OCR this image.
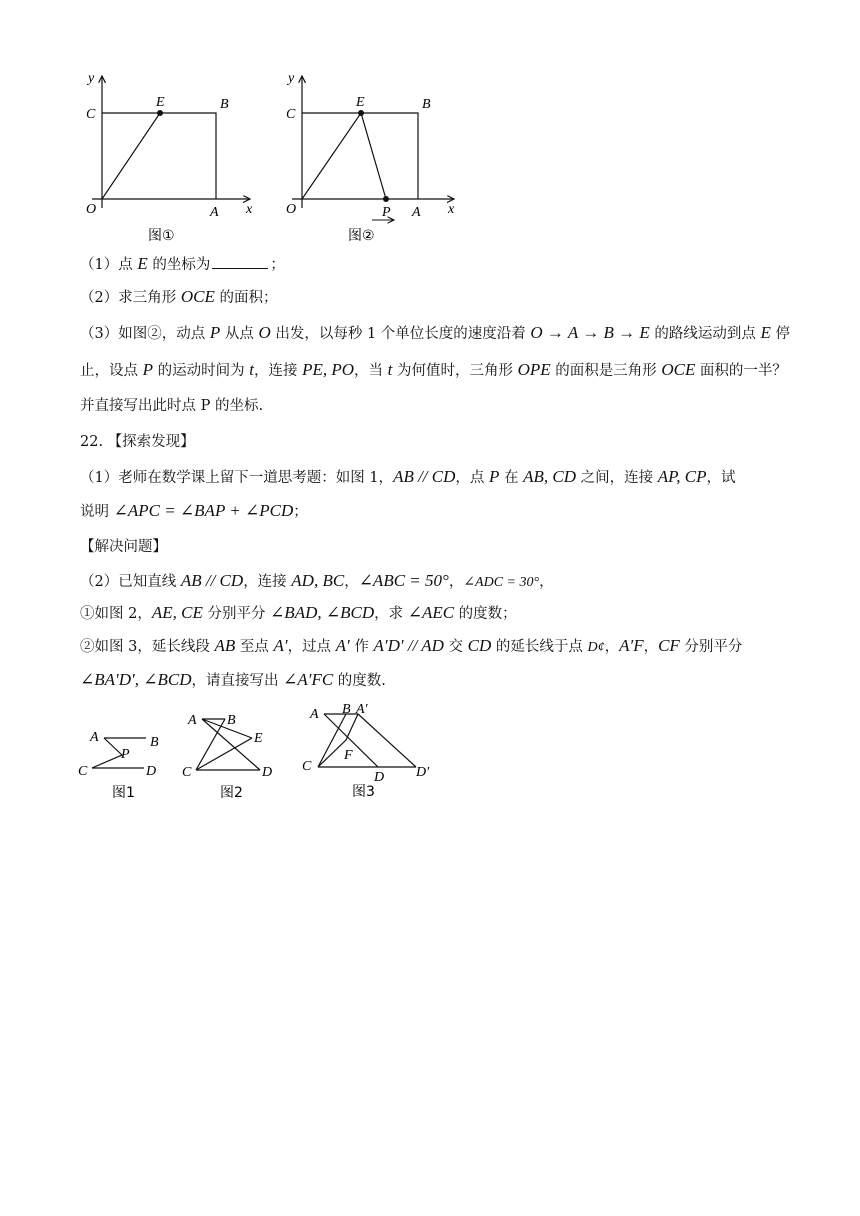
y
C
E	B
O	A x
图①
y
C
E	B
O	P A x
图②
（1）点 E 的坐标为	；
（2）求三角形 OCE 的面积；
（3）如图②，动点 P 从点 O 出发，以每秒 1 个单位长度的速度沿着 O → A → B → E 的路线运动到点 E 停
止，设点 P 的运动时间为 t，连接 PE, PO，当 t 为何值时，三角形 OPE 的面积是三角形 OCE 面积的一半？
并直接写出此时点 P 的坐标.
22. 【探索发现】
（1）老师在数学课上留下一道思考题：如图 1，AB // CD，点 P 在 AB, CD 之间，连接 AP, CP，试
说明 ∠APC = ∠BAP + ∠PCD；
【解决问题】
（2）已知直线 AB // CD，连接 AD, BC，∠ABC = 50°，∠ADC = 30°，
①如图 2，AE, CE 分别平分 ∠BAD, ∠BCD，求 ∠AEC 的度数；
②如图 3，延长线段 AB 至点 A′，过点 A′ 作 A′D′ // AD 交 CD 的延长线于点 D¢，A′F，CF 分别平分
∠BA′D′, ∠BCD，请直接写出 ∠A′FC 的度数.
A	B
P
C	D
图1
A B
E
C	D
图2
A B A′
F
C
D D′
图3
